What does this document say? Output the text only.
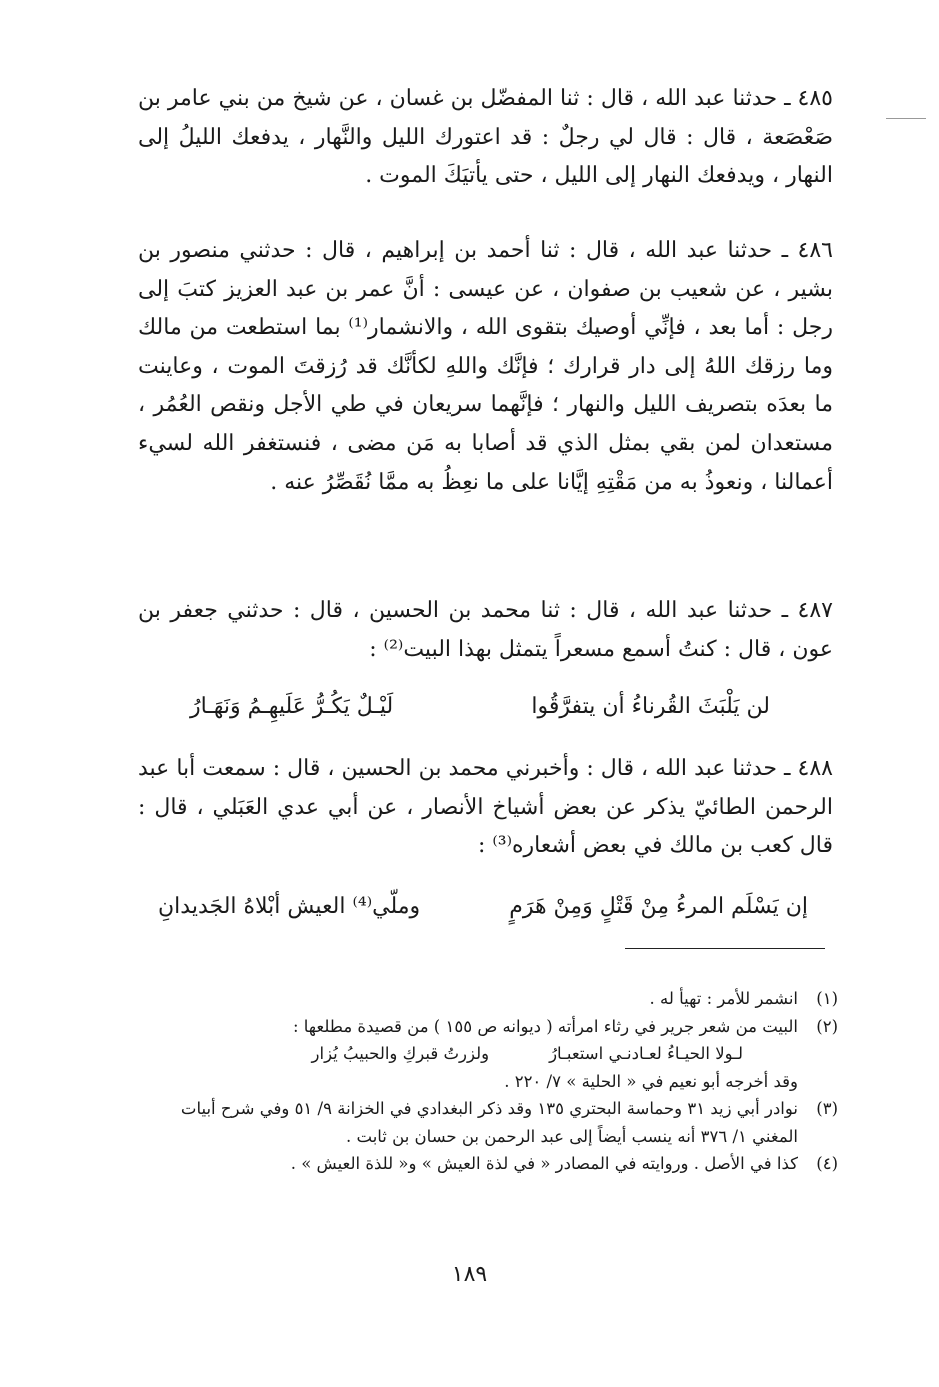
٤٨٥ ـ حدثنا عبد الله ، قال : ثنا المفضّل بن غسان ، عن شيخ من بني عامر بن صَعْصَعة ، قال : قال لي رجلٌ : قد اعتورك الليل والنَّهار ، يدفعك الليلُ إلى النهار ، ويدفعك النهار إلى الليل ، حتى يأتيَكَ الموت .
٤٨٦ ـ حدثنا عبد الله ، قال : ثنا أحمد بن إبراهيم ، قال : حدثني منصور بن بشير ، عن شعيب بن صفوان ، عن عيسى : أنَّ عمر بن عبد العزيز كتبَ إلى رجل : أما بعد ، فإنِّي أوصيك بتقوى الله ، والانشمار⁽¹⁾ بما استطعت من مالك وما رزقك اللهُ إلى دار قرارك ؛ فإنَّك واللهِ لكأنَّك قد رُزقتَ الموت ، وعاينت ما بعدَه بتصريف الليل والنهار ؛ فإنَّهما سريعان في طي الأجل ونقص العُمُر ، مستعدان لمن بقي بمثل الذي قد أصابا به مَن مضى ، فنستغفر الله لسيء أعمالنا ، ونعوذُ به من مَقْتِهِ إيَّانا على ما نعِظُ به ممَّا نُقَصِّرُ عنه .
٤٨٧ ـ حدثنا عبد الله ، قال : ثنا محمد بن الحسين ، قال : حدثني جعفر بن عون ، قال : كنتُ أسمع مسعراً يتمثل بهذا البيت⁽²⁾ :
لن يَلْبَثَ القُرناءُ أن يتفرَّقُوا
لَيْـلٌ يَكُـرُّ عَلَيهِـمُ وَنَهَـارُ
٤٨٨ ـ حدثنا عبد الله ، قال : وأخبرني محمد بن الحسين ، قال : سمعت أبا عبد الرحمن الطائيّ يذكر عن بعض أشياخ الأنصار ، عن أبي عدي العَبَلي ، قال : قال كعب بن مالك في بعض أشعاره⁽³⁾ :
إن يَسْلَم المرءُ مِنْ قَتْلٍ وَمِنْ هَرَمٍ
وملّي⁽⁴⁾ العيش أبْلاهُ الجَديدانِ
(١)
انشمر للأمر : تهيأ له .
(٢)
البيت من شعر جرير في رثاء امرأته ( ديوانه ص ١٥٥ ) من قصيدة مطلعها :
لـولا الحيـاءُ لعـادنـي استعبـارُ
ولزرتُ قبركِ والحبيبُ يُزار
وقد أخرجه أبو نعيم في « الحلية » ٧/ ٢٢٠ .
(٣)
نوادر أبي زيد ٣١ وحماسة البحتري ١٣٥ وقد ذكر البغدادي في الخزانة ٩/ ٥١ وفي شرح أبيات المغني ١/ ٣٧٦ أنه ينسب أيضاً إلى عبد الرحمن بن حسان بن ثابت .
(٤)
كذا في الأصل . وروايته في المصادر « في لذة العيش » و« للذة العيش » .
١٨٩
